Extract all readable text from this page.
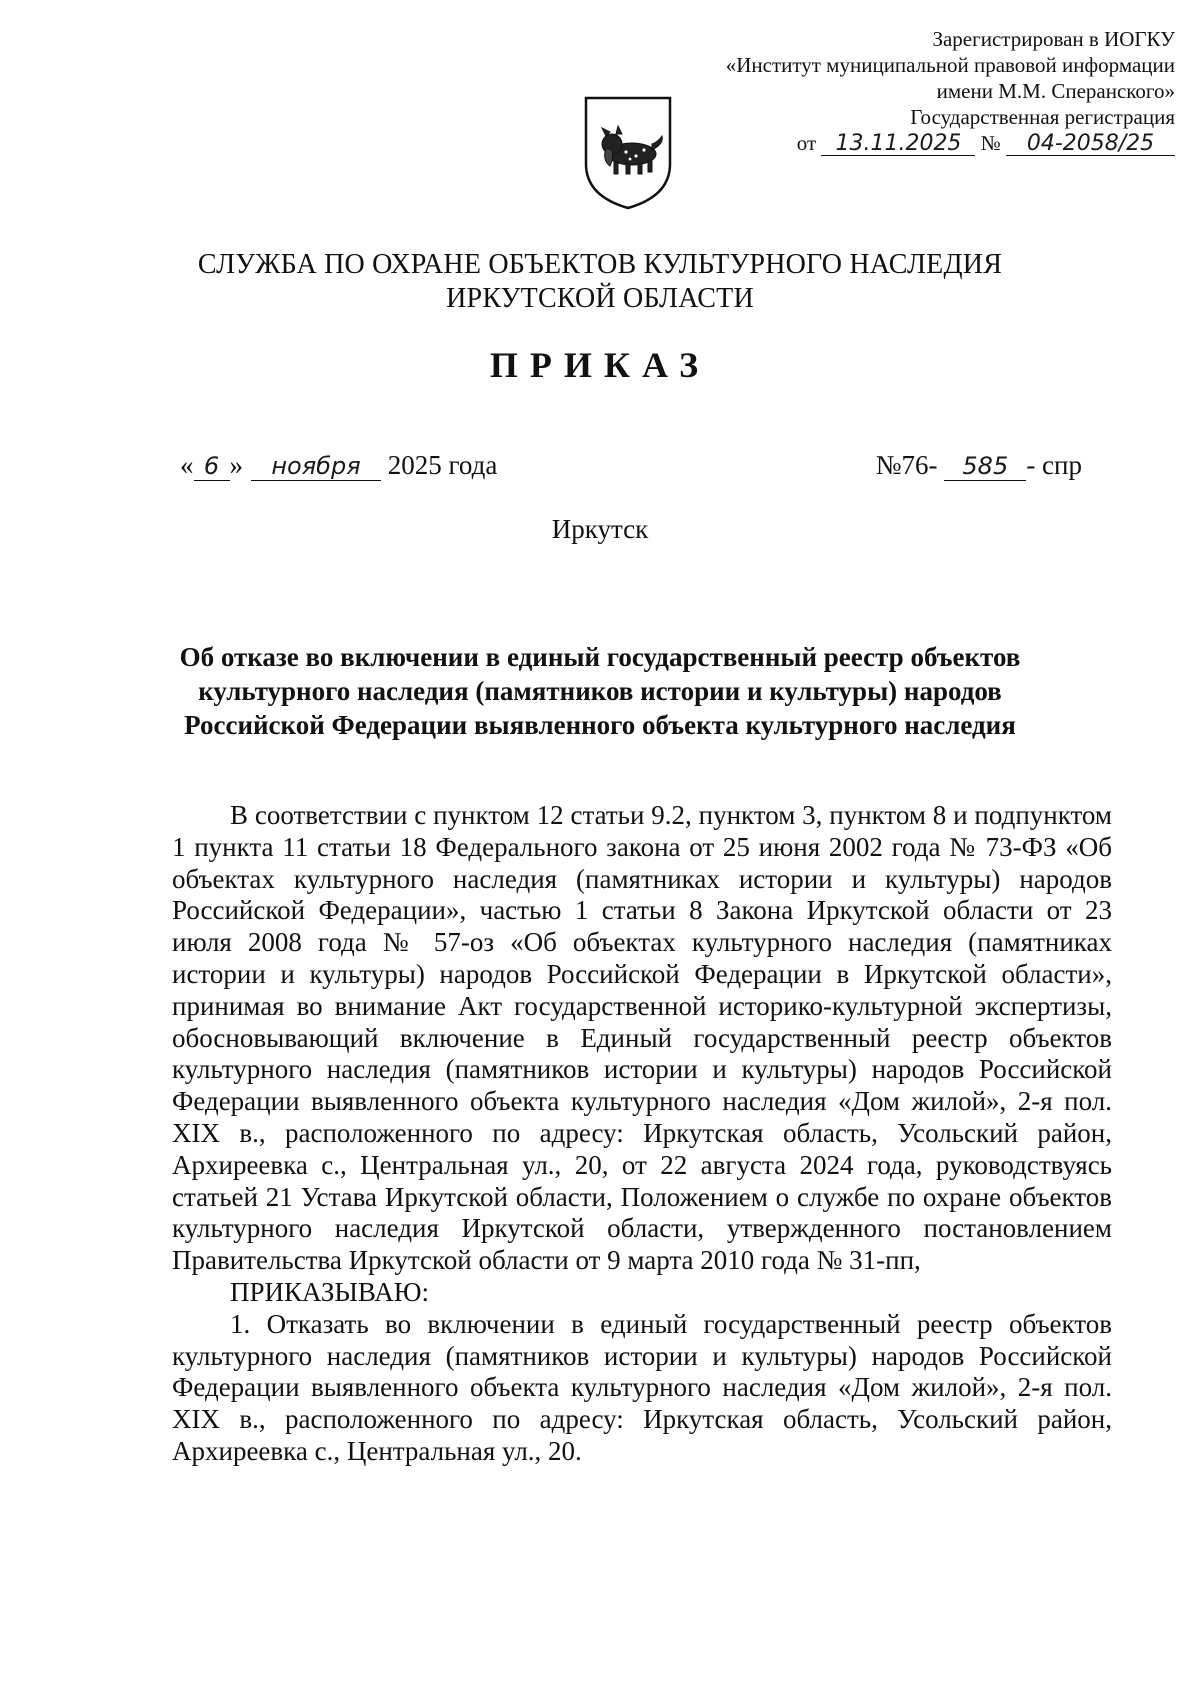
Зарегистрирован в ИОГКУ
«Институт муниципальной правовой информации
имени М.М. Сперанского»
Государственная регистрация
от 13.11.2025 № 04-2058/25
СЛУЖБА ПО ОХРАНЕ ОБЪЕКТОВ КУЛЬТУРНОГО НАСЛЕДИЯ
ИРКУТСКОЙ ОБЛАСТИ
ПРИКАЗ
« 6 » ноября 2025 года	№76- 585 - спр
Иркутск
Об отказе во включении в единый государственный реестр объектов
культурного наследия (памятников истории и культуры) народов
Российской Федерации выявленного объекта культурного наследия

В соответствии с пунктом 12 статьи 9.2, пунктом 3, пунктом 8 и подпунктом 1 пункта 11 статьи 18 Федерального закона от 25 июня 2002 года № 73-ФЗ «Об объектах культурного наследия (памятниках истории и культуры) народов Российской Федерации», частью 1 статьи 8 Закона Иркутской области от 23 июля 2008 года № 57-оз «Об объектах культурного наследия (памятниках истории и культуры) народов Российской Федерации в Иркутской области», принимая во внимание Акт государственной историко-культурной экспертизы, обосновывающий включение в Единый государственный реестр объектов культурного наследия (памятников истории и культуры) народов Российской Федерации выявленного объекта культурного наследия «Дом жилой», 2-я пол. XIX в., расположенного по адресу: Иркутская область, Усольский район, Архиреевка с., Центральная ул., 20, от 22 августа 2024 года, руководствуясь статьей 21 Устава Иркутской области, Положением о службе по охране объектов культурного наследия Иркутской области, утвержденного постановлением Правительства Иркутской области от 9 марта 2010 года № 31-пп,

ПРИКАЗЫВАЮ:

1. Отказать во включении в единый государственный реестр объектов культурного наследия (памятников истории и культуры) народов Российской Федерации выявленного объекта культурного наследия «Дом жилой», 2-я пол. XIX в., расположенного по адресу: Иркутская область, Усольский район, Архиреевка с., Центральная ул., 20.
